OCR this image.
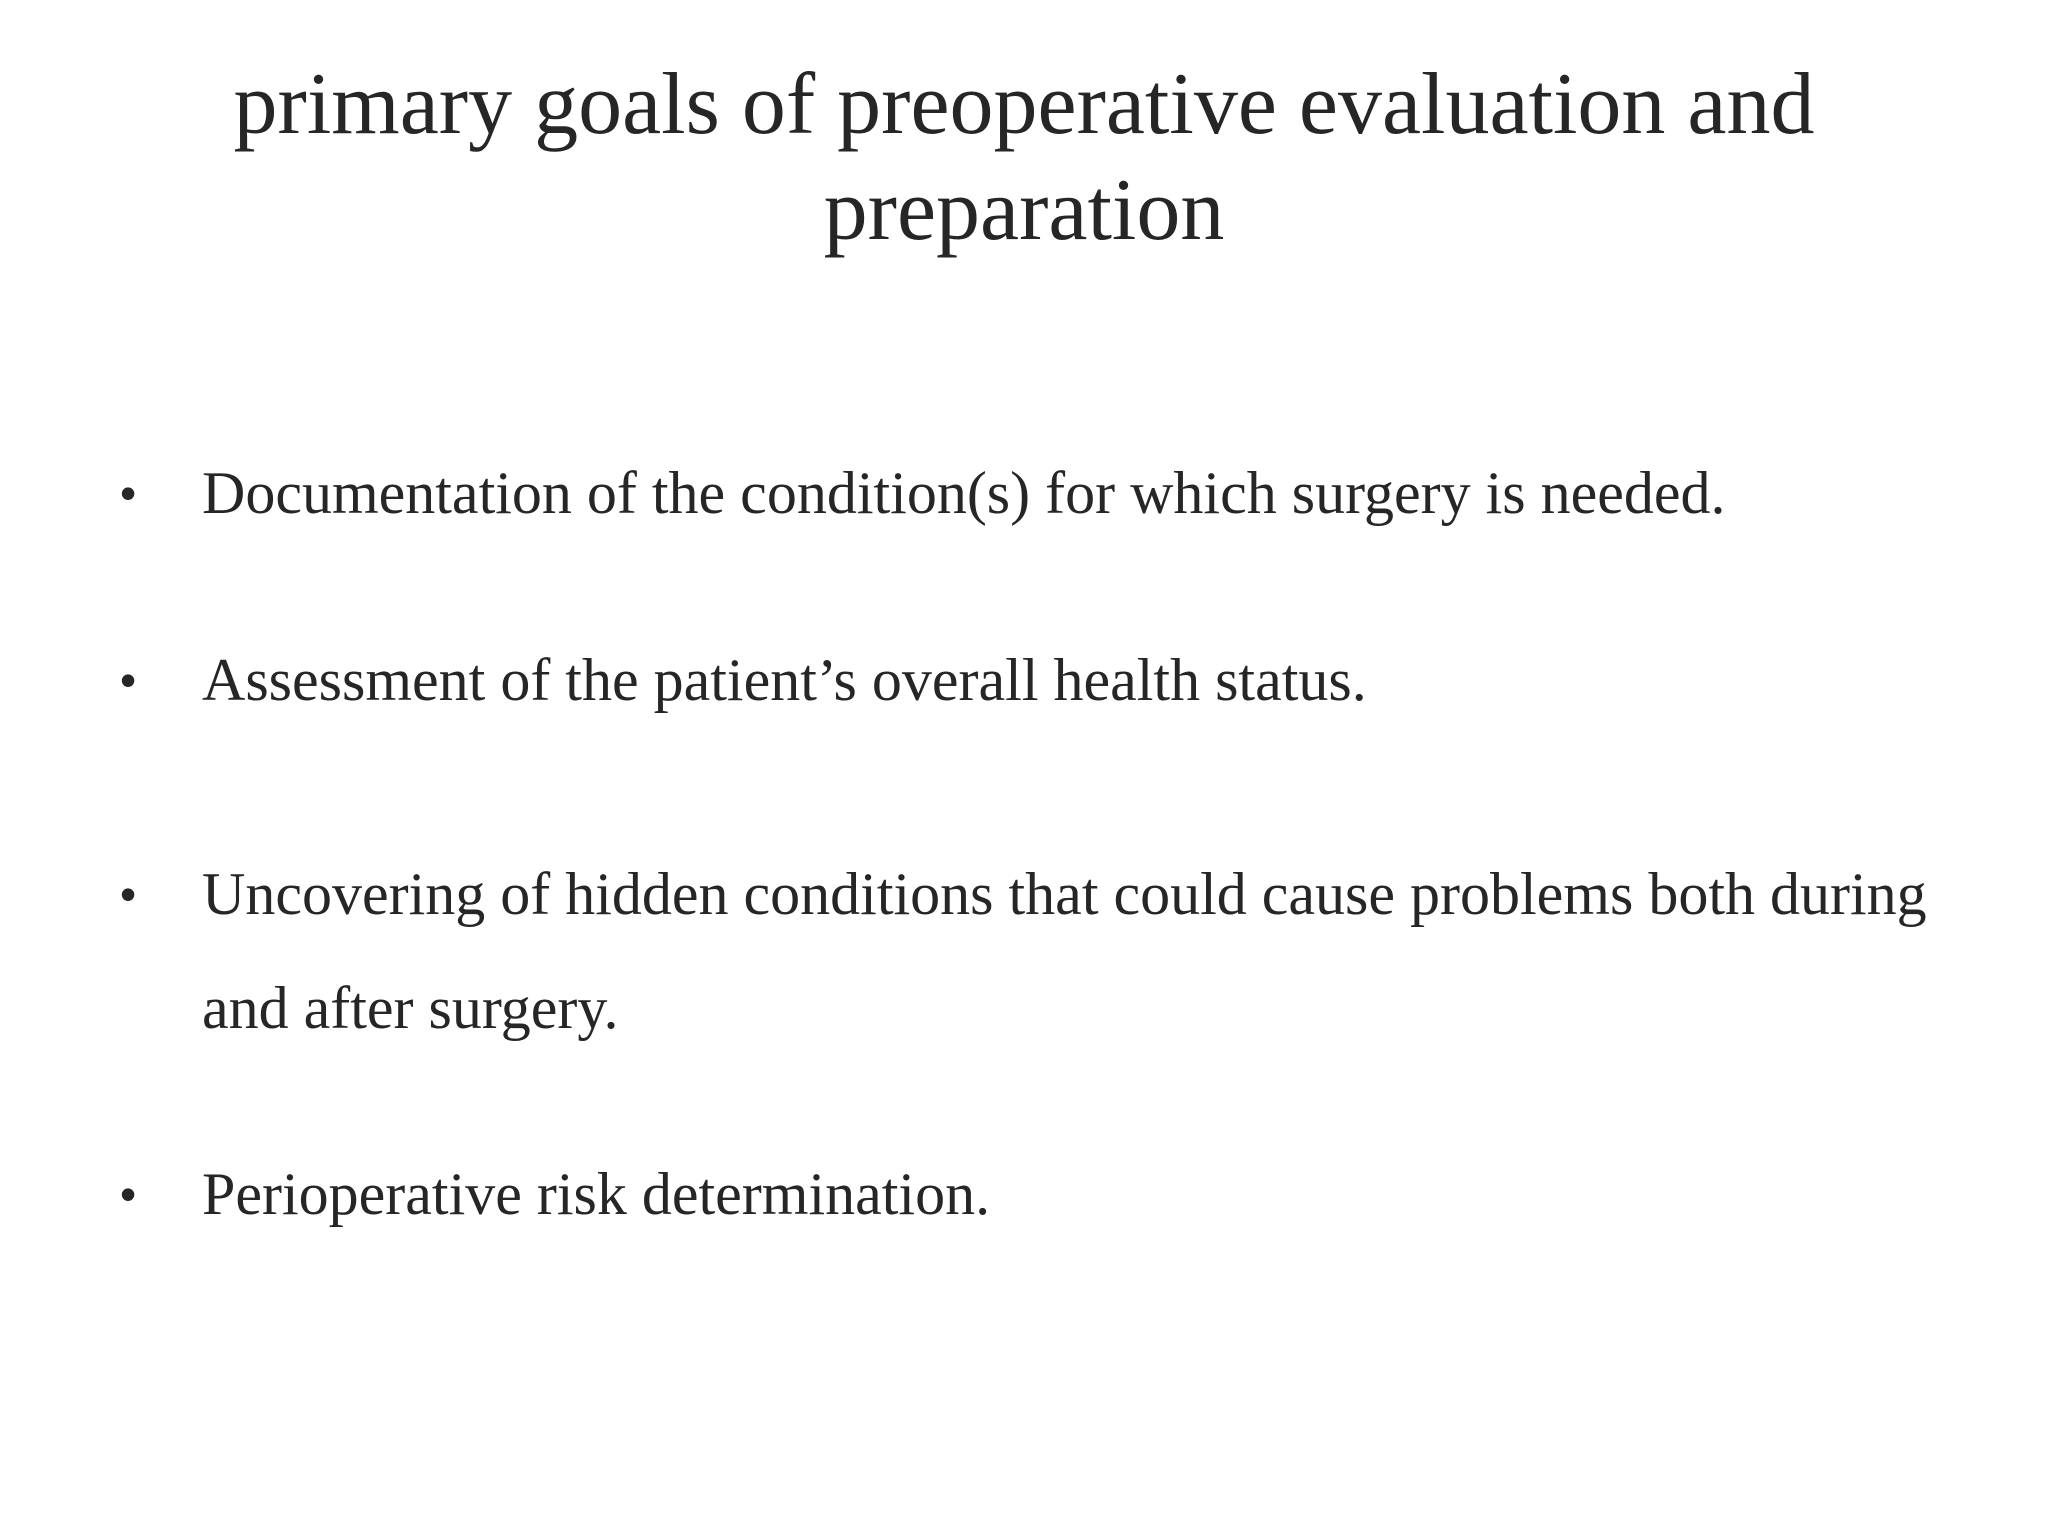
primary goals of preoperative evaluation and preparation
•	Documentation of the condition(s) for which surgery is needed.
•	Assessment of the patient’s overall health status.
•	Uncovering of hidden conditions that could cause problems both during and after surgery.
•	Perioperative risk determination.
